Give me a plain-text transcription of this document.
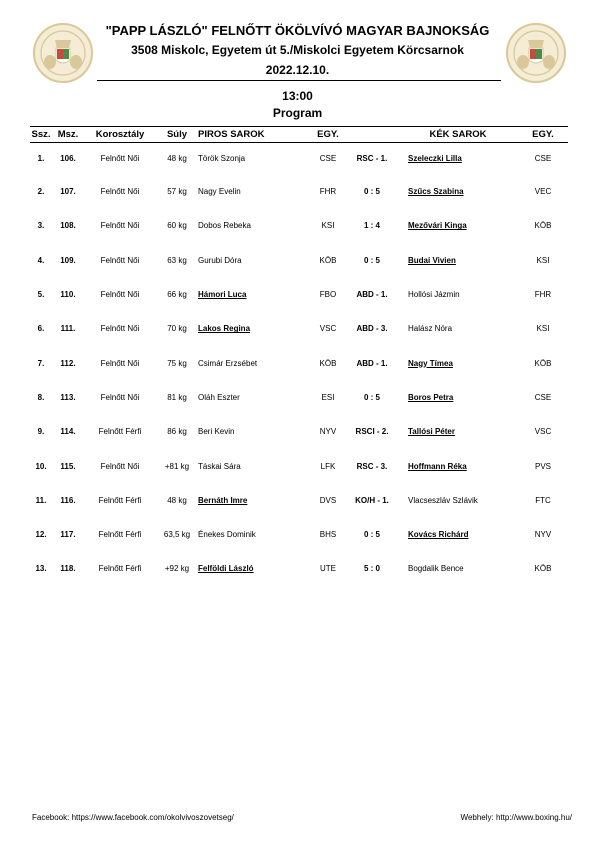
"PAPP LÁSZLÓ" FELNŐTT ÖKÖLVÍVÓ MAGYAR BAJNOKSÁG
3508 Miskolc, Egyetem út 5./Miskolci Egyetem Körcsarnok
2022.12.10.
13:00
Program
Ssz.	Msz.	Korosztály	Súly	PIROS SAROK	EGY.		KÉK SAROK	EGY.
1.	106.	Felnőtt Női	48 kg	Török Szonja	CSE	RSC - 1.	Szeleczki Lilla	CSE
2.	107.	Felnőtt Női	57 kg	Nagy Evelin	FHR	0 : 5	Szűcs Szabina	VEC
3.	108.	Felnőtt Női	60 kg	Dobos Rebeka	KSI	1 : 4	Mezővári Kinga	KÖB
4.	109.	Felnőtt Női	63 kg	Gurubi Dóra	KÖB	0 : 5	Budai Vivien	KSI
5.	110.	Felnőtt Női	66 kg	Hámori Luca	FBO	ABD - 1.	Hollósi Jázmin	FHR
6.	111.	Felnőtt Női	70 kg	Lakos Regina	VSC	ABD - 3.	Halász Nóra	KSI
7.	112.	Felnőtt Női	75 kg	Csimár Erzsébet	KÖB	ABD - 1.	Nagy Tímea	KÖB
8.	113.	Felnőtt Női	81 kg	Oláh Eszter	ESI	0 : 5	Boros Petra	CSE
9.	114.	Felnőtt Férfi	86 kg	Beri Kevin	NYV	RSCI - 2.	Tallósi Péter	VSC
10.	115.	Felnőtt Női	+81 kg	Táskai Sára	LFK	RSC - 3.	Hoffmann Réka	PVS
11.	116.	Felnőtt Férfi	48 kg	Bernáth Imre	DVS	KO/H - 1.	Vlacseszláv Szlávik	FTC
12.	117.	Felnőtt Férfi	63,5 kg	Énekes Dominik	BHS	0 : 5	Kovács Richárd	NYV
13.	118.	Felnőtt Férfi	+92 kg	Felföldi László	UTE	5 : 0	Bogdalik Bence	KÖB
Facebook: https://www.facebook.com/okolvivoszovetseg/	Webhely: http://www.boxing.hu/
